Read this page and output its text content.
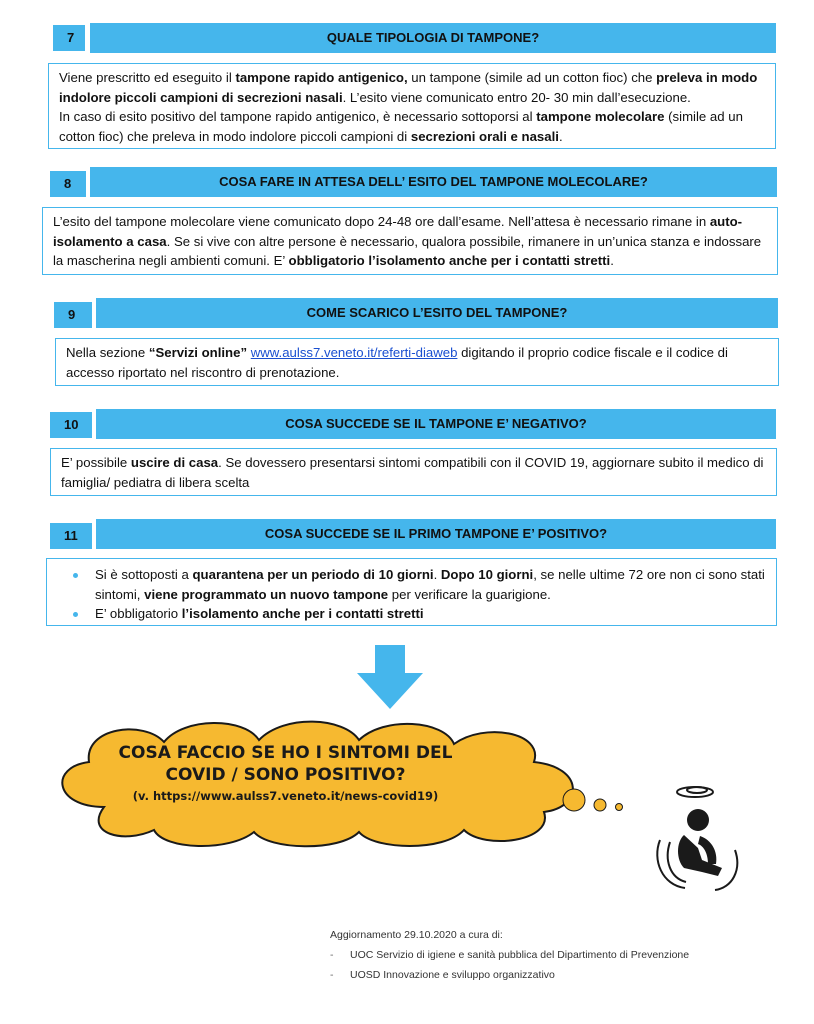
7	QUALE TIPOLOGIA DI TAMPONE?
Viene prescritto ed eseguito il tampone rapido antigenico, un tampone (simile ad un cotton fioc) che preleva in modo indolore piccoli campioni di secrezioni nasali. L’esito viene comunicato entro 20- 30 min dall’esecuzione.
In caso di esito positivo del tampone rapido antigenico, è necessario sottoporsi al tampone molecolare (simile ad un cotton fioc) che preleva in modo indolore piccoli campioni di secrezioni orali e nasali.
8	COSA FARE IN ATTESA DELL’ ESITO DEL TAMPONE MOLECOLARE?
L’esito del tampone molecolare viene comunicato dopo 24-48 ore dall’esame. Nell’attesa è necessario rimane in auto-isolamento a casa. Se si vive con altre persone è necessario, qualora possibile, rimanere in un’unica stanza e indossare la mascherina negli ambienti comuni. E’ obbligatorio l’isolamento anche per i contatti stretti.
9	COME SCARICO L’ESITO DEL TAMPONE?
Nella sezione “Servizi online” www.aulss7.veneto.it/referti-diaweb digitando il proprio codice fiscale e il codice di accesso riportato nel riscontro di prenotazione.
10	COSA SUCCEDE SE IL TAMPONE E’ NEGATIVO?
E’ possibile uscire di casa. Se dovessero presentarsi sintomi compatibili con il COVID 19, aggiornare subito il medico di famiglia/ pediatra di libera scelta
11	COSA SUCCEDE SE IL PRIMO TAMPONE E’ POSITIVO?
Si è sottoposti a quarantena per un periodo di 10 giorni. Dopo 10 giorni, se nelle ultime 72 ore non ci sono stati sintomi, viene programmato un nuovo tampone per verificare la guarigione.
E’ obbligatorio l’isolamento anche per i contatti stretti
COSA FACCIO SE HO I SINTOMI DEL
COVID / SONO POSITIVO?
(v. https://www.aulss7.veneto.it/news-covid19)
Aggiornamento 29.10.2020 a cura di:
- UOC Servizio di igiene e sanità pubblica del Dipartimento di Prevenzione
- UOSD Innovazione e sviluppo organizzativo
